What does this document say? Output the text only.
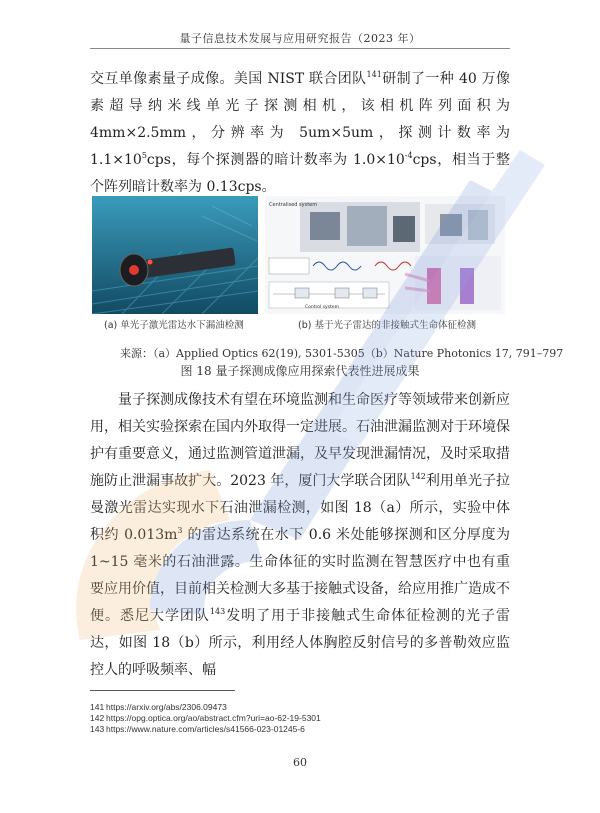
量子信息技术发展与应用研究报告（2023 年）

交互单像素量子成像。美国 NIST 联合团队$^{141}$研制了一种 40 万像素超导纳米线单光子探测相机，该相机阵列面积为 4mm×2.5mm，分辨率为 5um×5um，探测计数率为 $1.1\times 10^5cps$，每个探测器的暗计数率为 $1.0\times 10^{-4}cps$，相当于整个阵列暗计数率为 0.13cps。

(a) 单光子激光雷达水下漏油检测
Centralised system
Control system
(b) 基于光子雷达的非接触式生命体征检测
来源：（a）Applied Optics 62(19), 5301-5305（b）Nature Photonics 17, 791–797
图 18 量子探测成像应用探索代表性进展成果

量子探测成像技术有望在环境监测和生命医疗等领域带来创新应用，相关实验探索在国内外取得一定进展。石油泄漏监测对于环境保护有重要意义，通过监测管道泄漏，及早发现泄漏情况，及时采取措施防止泄漏事故扩大。2023 年，厦门大学联合团队$^{142}$利用单光子拉曼激光雷达实现水下石油泄漏检测，如图 18（a）所示，实验中体积约 $0.013m^3$ 的雷达系统在水下 0.6 米处能够探测和区分厚度为 1~15 毫米的石油泄露。生命体征的实时监测在智慧医疗中也有重要应用价值，目前相关检测大多基于接触式设备，给应用推广造成不便。悉尼大学团队$^{143}$发明了用于非接触式生命体征检测的光子雷达，如图 18（b）所示，利用经人体胸腔反射信号的多普勒效应监控人的呼吸频率、幅

141 https://arxiv.org/abs/2306.09473
142 https://opg.optica.org/ao/abstract.cfm?uri=ao-62-19-5301
143 https://www.nature.com/articles/s41566-023-01245-6
60
